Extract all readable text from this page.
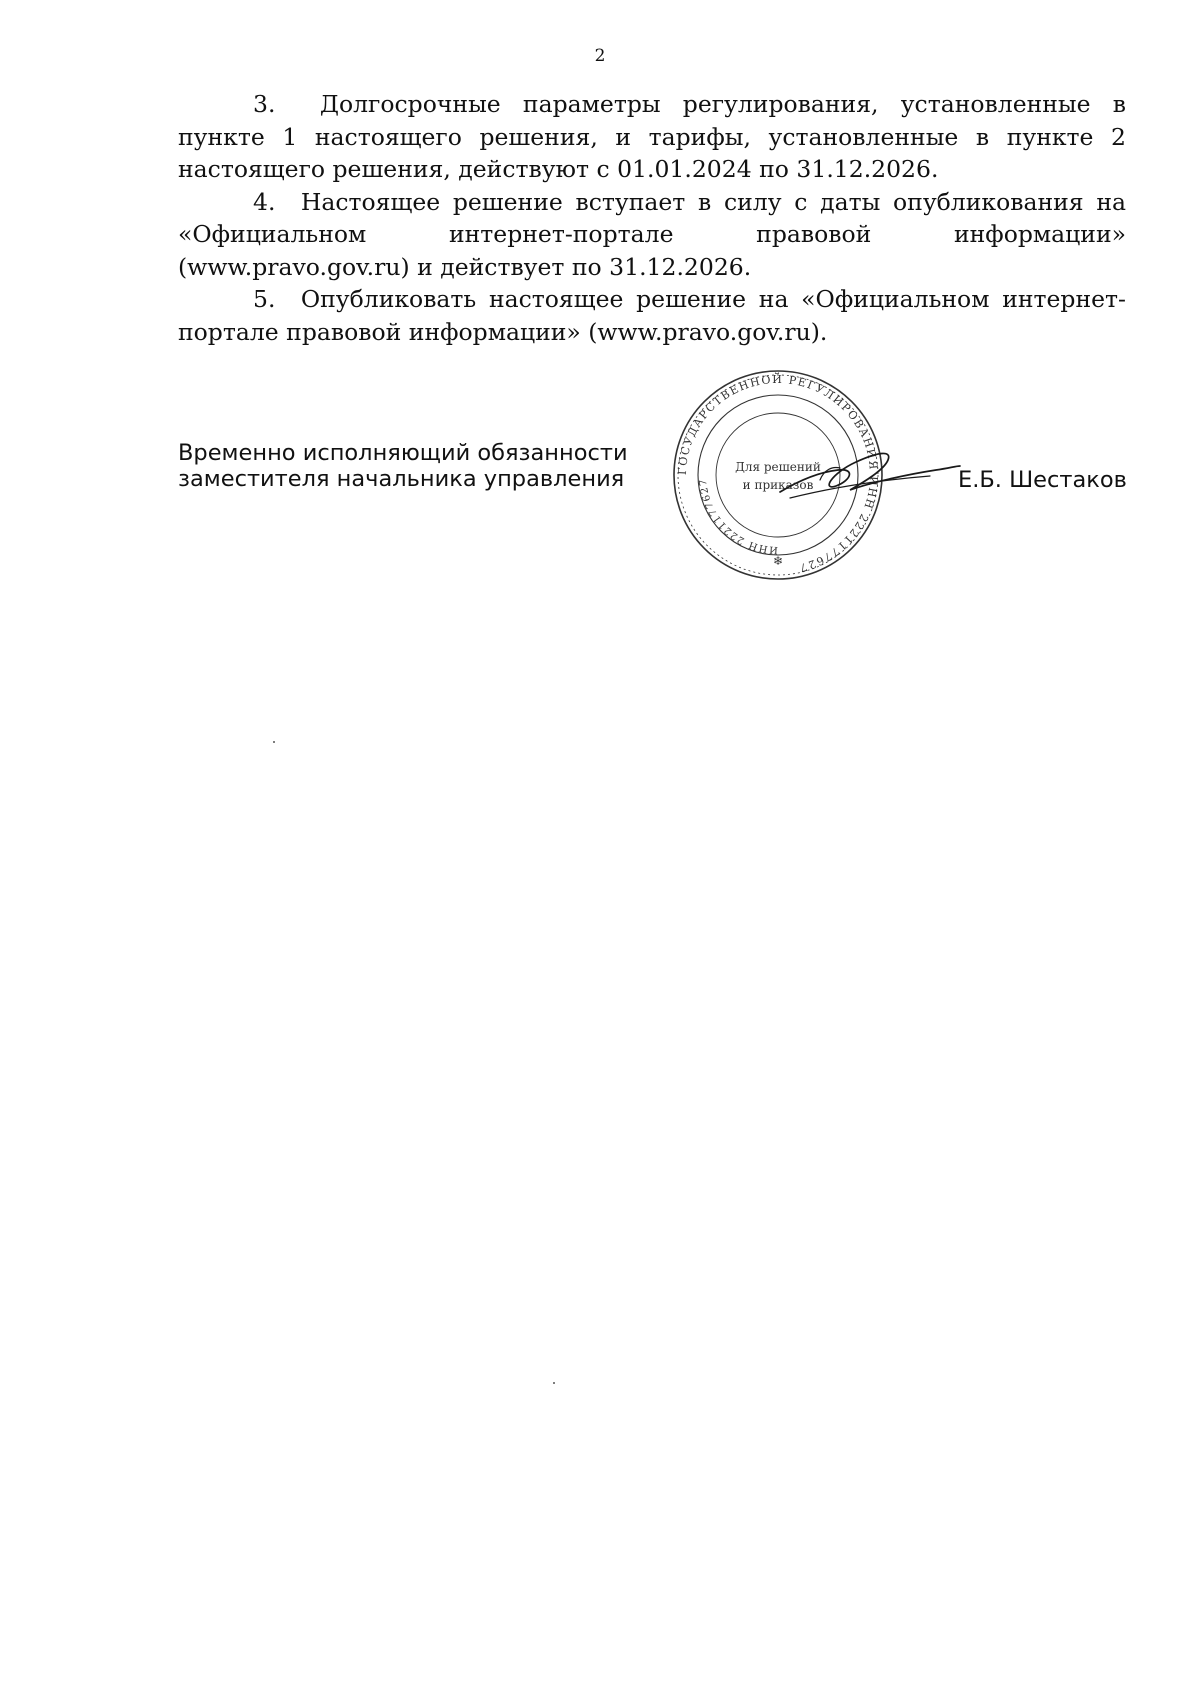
2

3. Долгосрочные параметры регулирования, установленные в пункте 1 настоящего решения, и тарифы, установленные в пункте 2 настоящего решения, действуют с 01.01.2024 по 31.12.2026.

4. Настоящее решение вступает в силу с даты опубликования на «Официальном интернет-портале правовой информации» (www.pravo.gov.ru) и действует по 31.12.2026.

5. Опубликовать настоящее решение на «Официальном интернет-портале правовой информации» (www.pravo.gov.ru).

Временно исполняющий обязанности
заместителя начальника управления	ГОСУДАРСТВЕННОЙ РЕГУЛИРОВАНИЯ ИНН 2221177627
ИНН 2221177627
Для решений
и приказов
❄
Е.Б. Шестаков
